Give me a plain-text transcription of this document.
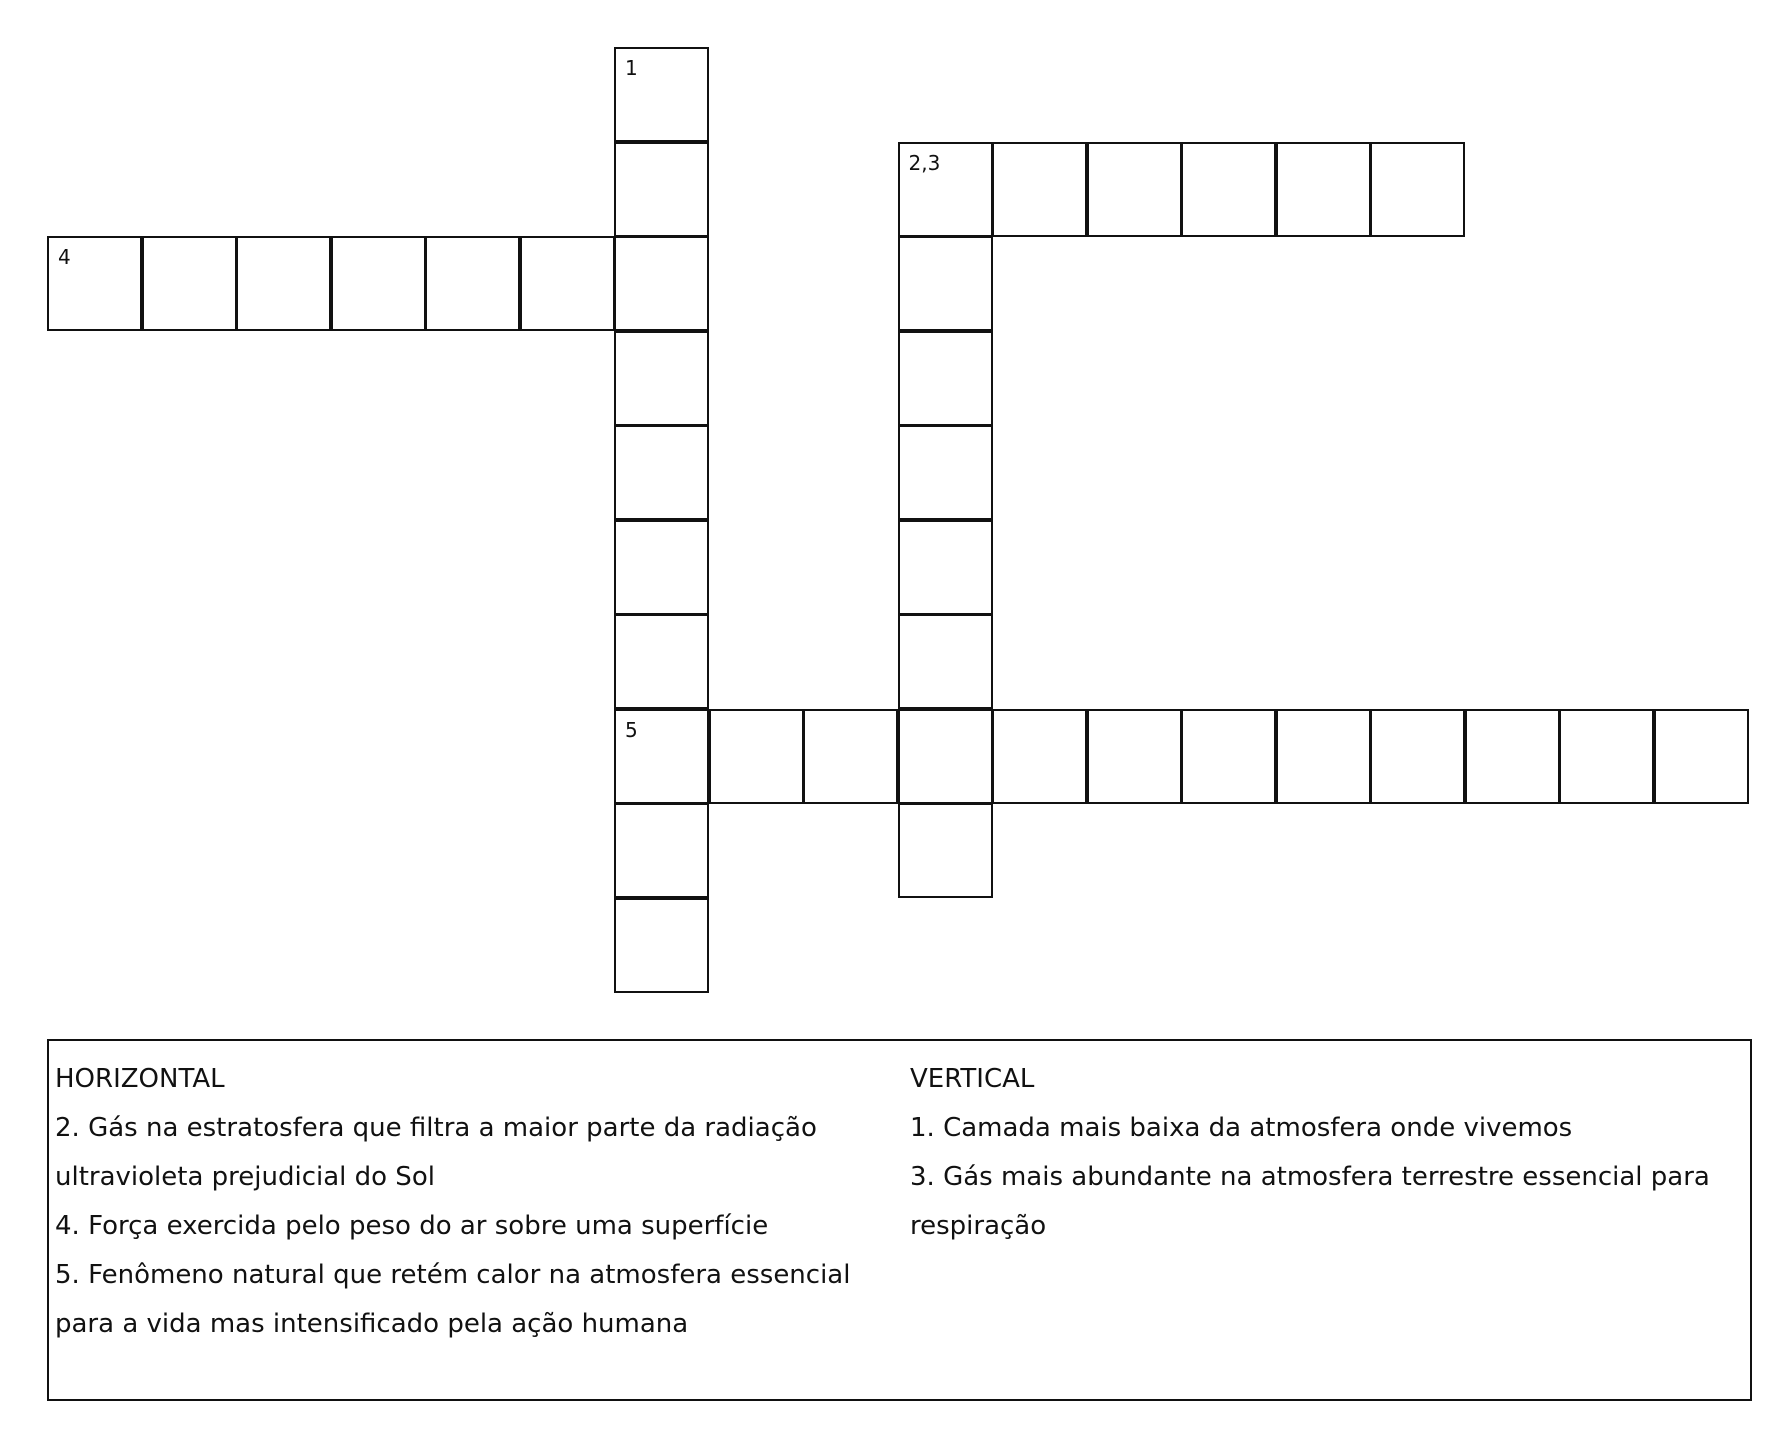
1
5
2,3
4
HORIZONTAL
2. Gás na estratosfera que filtra a maior parte da radiação ultravioleta prejudicial do Sol
4. Força exercida pelo peso do ar sobre uma superfície
5. Fenômeno natural que retém calor na atmosfera essencial para a vida mas intensificado pela ação humana
VERTICAL
1. Camada mais baixa da atmosfera onde vivemos
3. Gás mais abundante na atmosfera terrestre essencial para respiração
